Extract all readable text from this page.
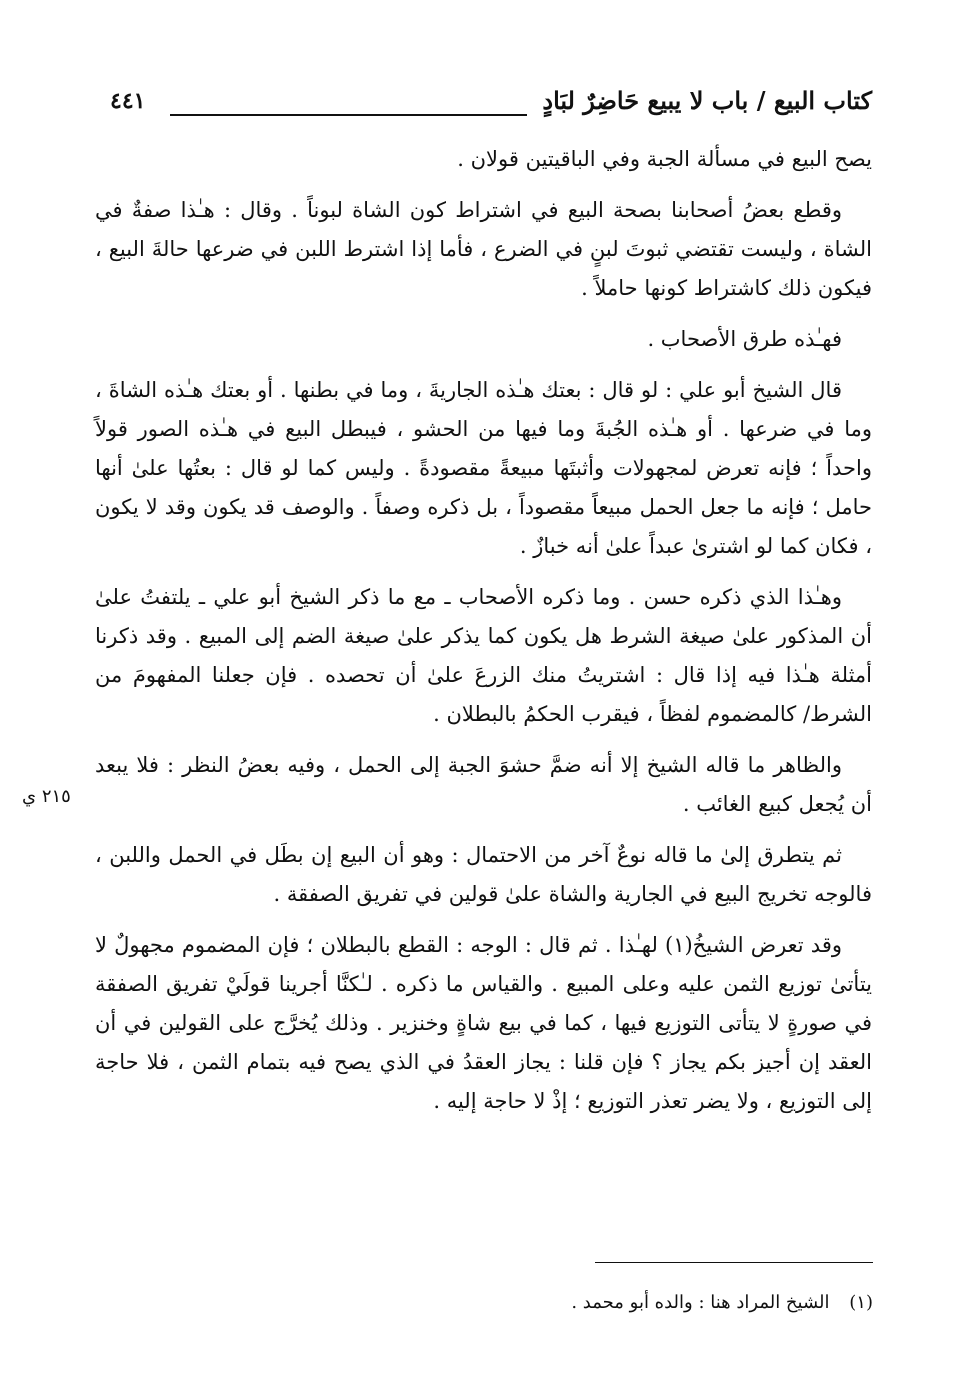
كتاب البيع / باب لا يبيع حَاضِرٌ لبَادٍ
٤٤١

يصح البيع في مسألة الجبة وفي الباقيتين قولان .

وقطع بعضُ أصحابنا بصحة البيع في اشتراط كون الشاة لبوناً . وقال : هـٰذا صفةٌ في الشاة ، وليست تقتضي ثبوتَ لبنٍ في الضرع ، فأما إذا اشترط اللبن في ضرعها حالةَ البيع ، فيكون ذلك كاشتراط كونها حاملاً .

فهـٰذه طرق الأصحاب .

قال الشيخ أبو علي : لو قال : بعتك هـٰذه الجاريةَ ، وما في بطنها . أو بعتك هـٰذه الشاةَ ، وما في ضرعها . أو هـٰذه الجُبةَ وما فيها من الحشو ، فيبطل البيع في هـٰذه الصور قولاً واحداً ؛ فإنه تعرض لمجهولات وأثبتَها مبيعةً مقصودةً . وليس كما لو قال : بعتُها علىٰ أنها حامل ؛ فإنه ما جعل الحمل مبيعاً مقصوداً ، بل ذكره وصفاً . والوصف قد يكون وقد لا يكون ، فكان كما لو اشترىٰ عبداً علىٰ أنه خبازٌ .

وهـٰذا الذي ذكره حسن . وما ذكره الأصحاب ـ مع ما ذكر الشيخ أبو علي ـ يلتفتُ علىٰ أن المذكور علىٰ صيغة الشرط هل يكون كما يذكر علىٰ صيغة الضم إلى المبيع . وقد ذكرنا أمثلة هـٰذا فيه إذا قال : اشتريتُ منك الزرعَ علىٰ أن تحصده . فإن جعلنا المفهومَ من الشرط/ كالمضموم لفظاً ، فيقرب الحكمُ بالبطلان .

والظاهر ما قاله الشيخ إلا أنه ضمَّ حشوَ الجبة إلى الحمل ، وفيه بعضُ النظر : فلا يبعد أن يُجعل كبيع الغائب .

ثم يتطرق إلىٰ ما قاله نوعٌ آخر من الاحتمال : وهو أن البيع إن بطَل في الحمل واللبن ، فالوجه تخريج البيع في الجارية والشاة علىٰ قولين في تفريق الصفقة .

وقد تعرض الشيخُ(١) لهـٰذا . ثم قال : الوجه : القطع بالبطلان ؛ فإن المضموم مجهولٌ لا يتأتىٰ توزيع الثمن عليه وعلى المبيع . والقياس ما ذكره . لـٰكنَّا أجرينا قولَيْ تفريق الصفقة في صورةٍ لا يتأتى التوزيع فيها ، كما في بيع شاةٍ وخنزير . وذلك يُخرَّج على القولين في أن العقد إن أجيز بكم يجاز ؟ فإن قلنا : يجاز العقدُ في الذي يصح فيه بتمام الثمن ، فلا حاجة إلى التوزيع ، ولا يضر تعذر التوزيع ؛ إذْ لا حاجة إليه .

٢١٥ ي
(١) الشيخ المراد هنا : والده أبو محمد .
